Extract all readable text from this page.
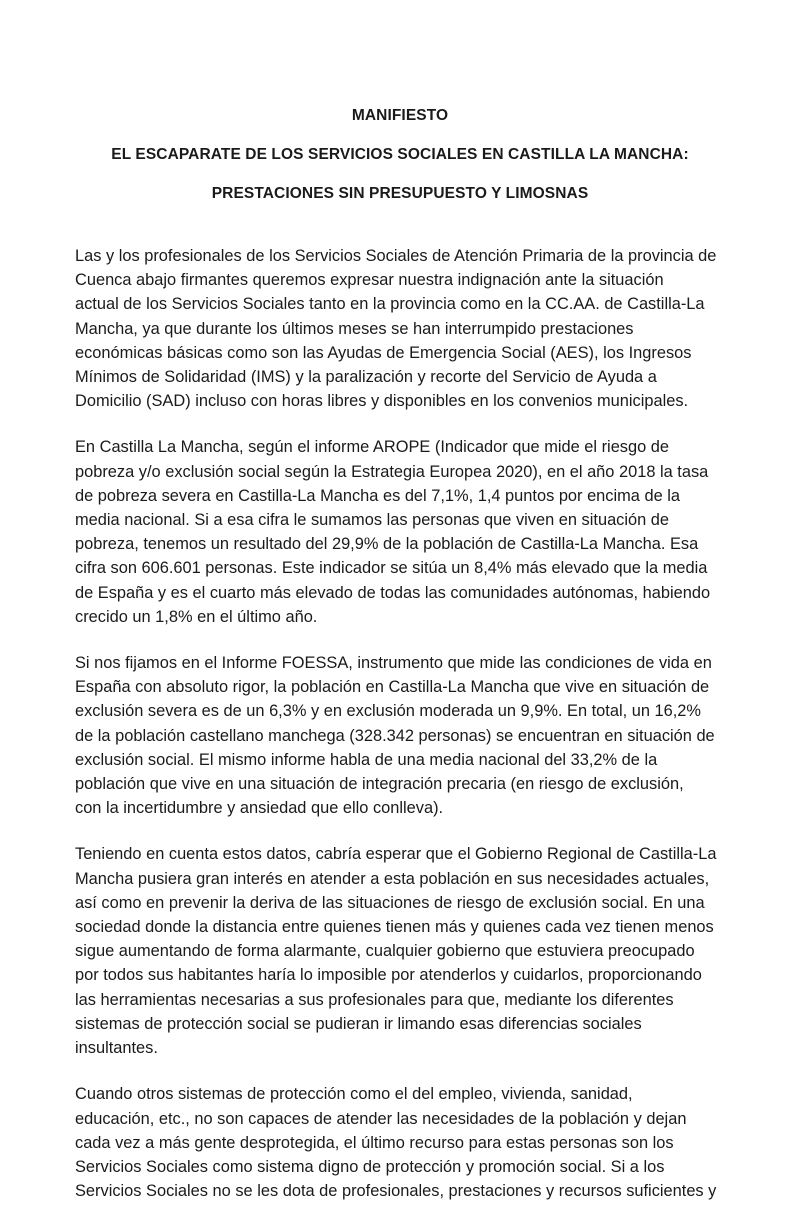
MANIFIESTO
EL ESCAPARATE DE LOS SERVICIOS SOCIALES EN CASTILLA LA MANCHA:
PRESTACIONES SIN PRESUPUESTO Y LIMOSNAS

Las y los profesionales de los Servicios Sociales de Atención Primaria de la provincia de
Cuenca abajo firmantes queremos expresar nuestra indignación ante la situación
actual de los Servicios Sociales tanto en la provincia como en la CC.AA. de Castilla-La
Mancha, ya que durante los últimos meses se han interrumpido prestaciones
económicas básicas como son las Ayudas de Emergencia Social (AES), los Ingresos
Mínimos de Solidaridad (IMS) y la paralización y recorte del Servicio de Ayuda a
Domicilio (SAD) incluso con horas libres y disponibles en los convenios municipales.

En Castilla La Mancha, según el informe AROPE (Indicador que mide el riesgo de
pobreza y/o exclusión social según la Estrategia Europea 2020), en el año 2018 la tasa
de pobreza severa en Castilla-La Mancha es del 7,1%, 1,4 puntos por encima de la
media nacional. Si a esa cifra le sumamos las personas que viven en situación de
pobreza, tenemos un resultado del 29,9% de la población de Castilla-La Mancha. Esa
cifra son 606.601 personas. Este indicador se sitúa un 8,4% más elevado que la media
de España y es el cuarto más elevado de todas las comunidades autónomas, habiendo
crecido un 1,8% en el último año.

Si nos fijamos en el Informe FOESSA, instrumento que mide las condiciones de vida en
España con absoluto rigor, la población en Castilla-La Mancha que vive en situación de
exclusión severa es de un 6,3% y en exclusión moderada un 9,9%. En total, un 16,2%
de la población castellano manchega (328.342 personas) se encuentran en situación de
exclusión social. El mismo informe habla de una media nacional del 33,2% de la
población que vive en una situación de integración precaria (en riesgo de exclusión,
con la incertidumbre y ansiedad que ello conlleva).

Teniendo en cuenta estos datos, cabría esperar que el Gobierno Regional de Castilla-La
Mancha pusiera gran interés en atender a esta población en sus necesidades actuales,
así como en prevenir la deriva de las situaciones de riesgo de exclusión social. En una
sociedad donde la distancia entre quienes tienen más y quienes cada vez tienen menos
sigue aumentando de forma alarmante, cualquier gobierno que estuviera preocupado
por todos sus habitantes haría lo imposible por atenderlos y cuidarlos, proporcionando
las herramientas necesarias a sus profesionales para que, mediante los diferentes
sistemas de protección social se pudieran ir limando esas diferencias sociales
insultantes.

Cuando otros sistemas de protección como el del empleo, vivienda, sanidad,
educación, etc., no son capaces de atender las necesidades de la población y dejan
cada vez a más gente desprotegida, el último recurso para estas personas son los
Servicios Sociales como sistema digno de protección y promoción social. Si a los
Servicios Sociales no se les dota de profesionales, prestaciones y recursos suficientes y
